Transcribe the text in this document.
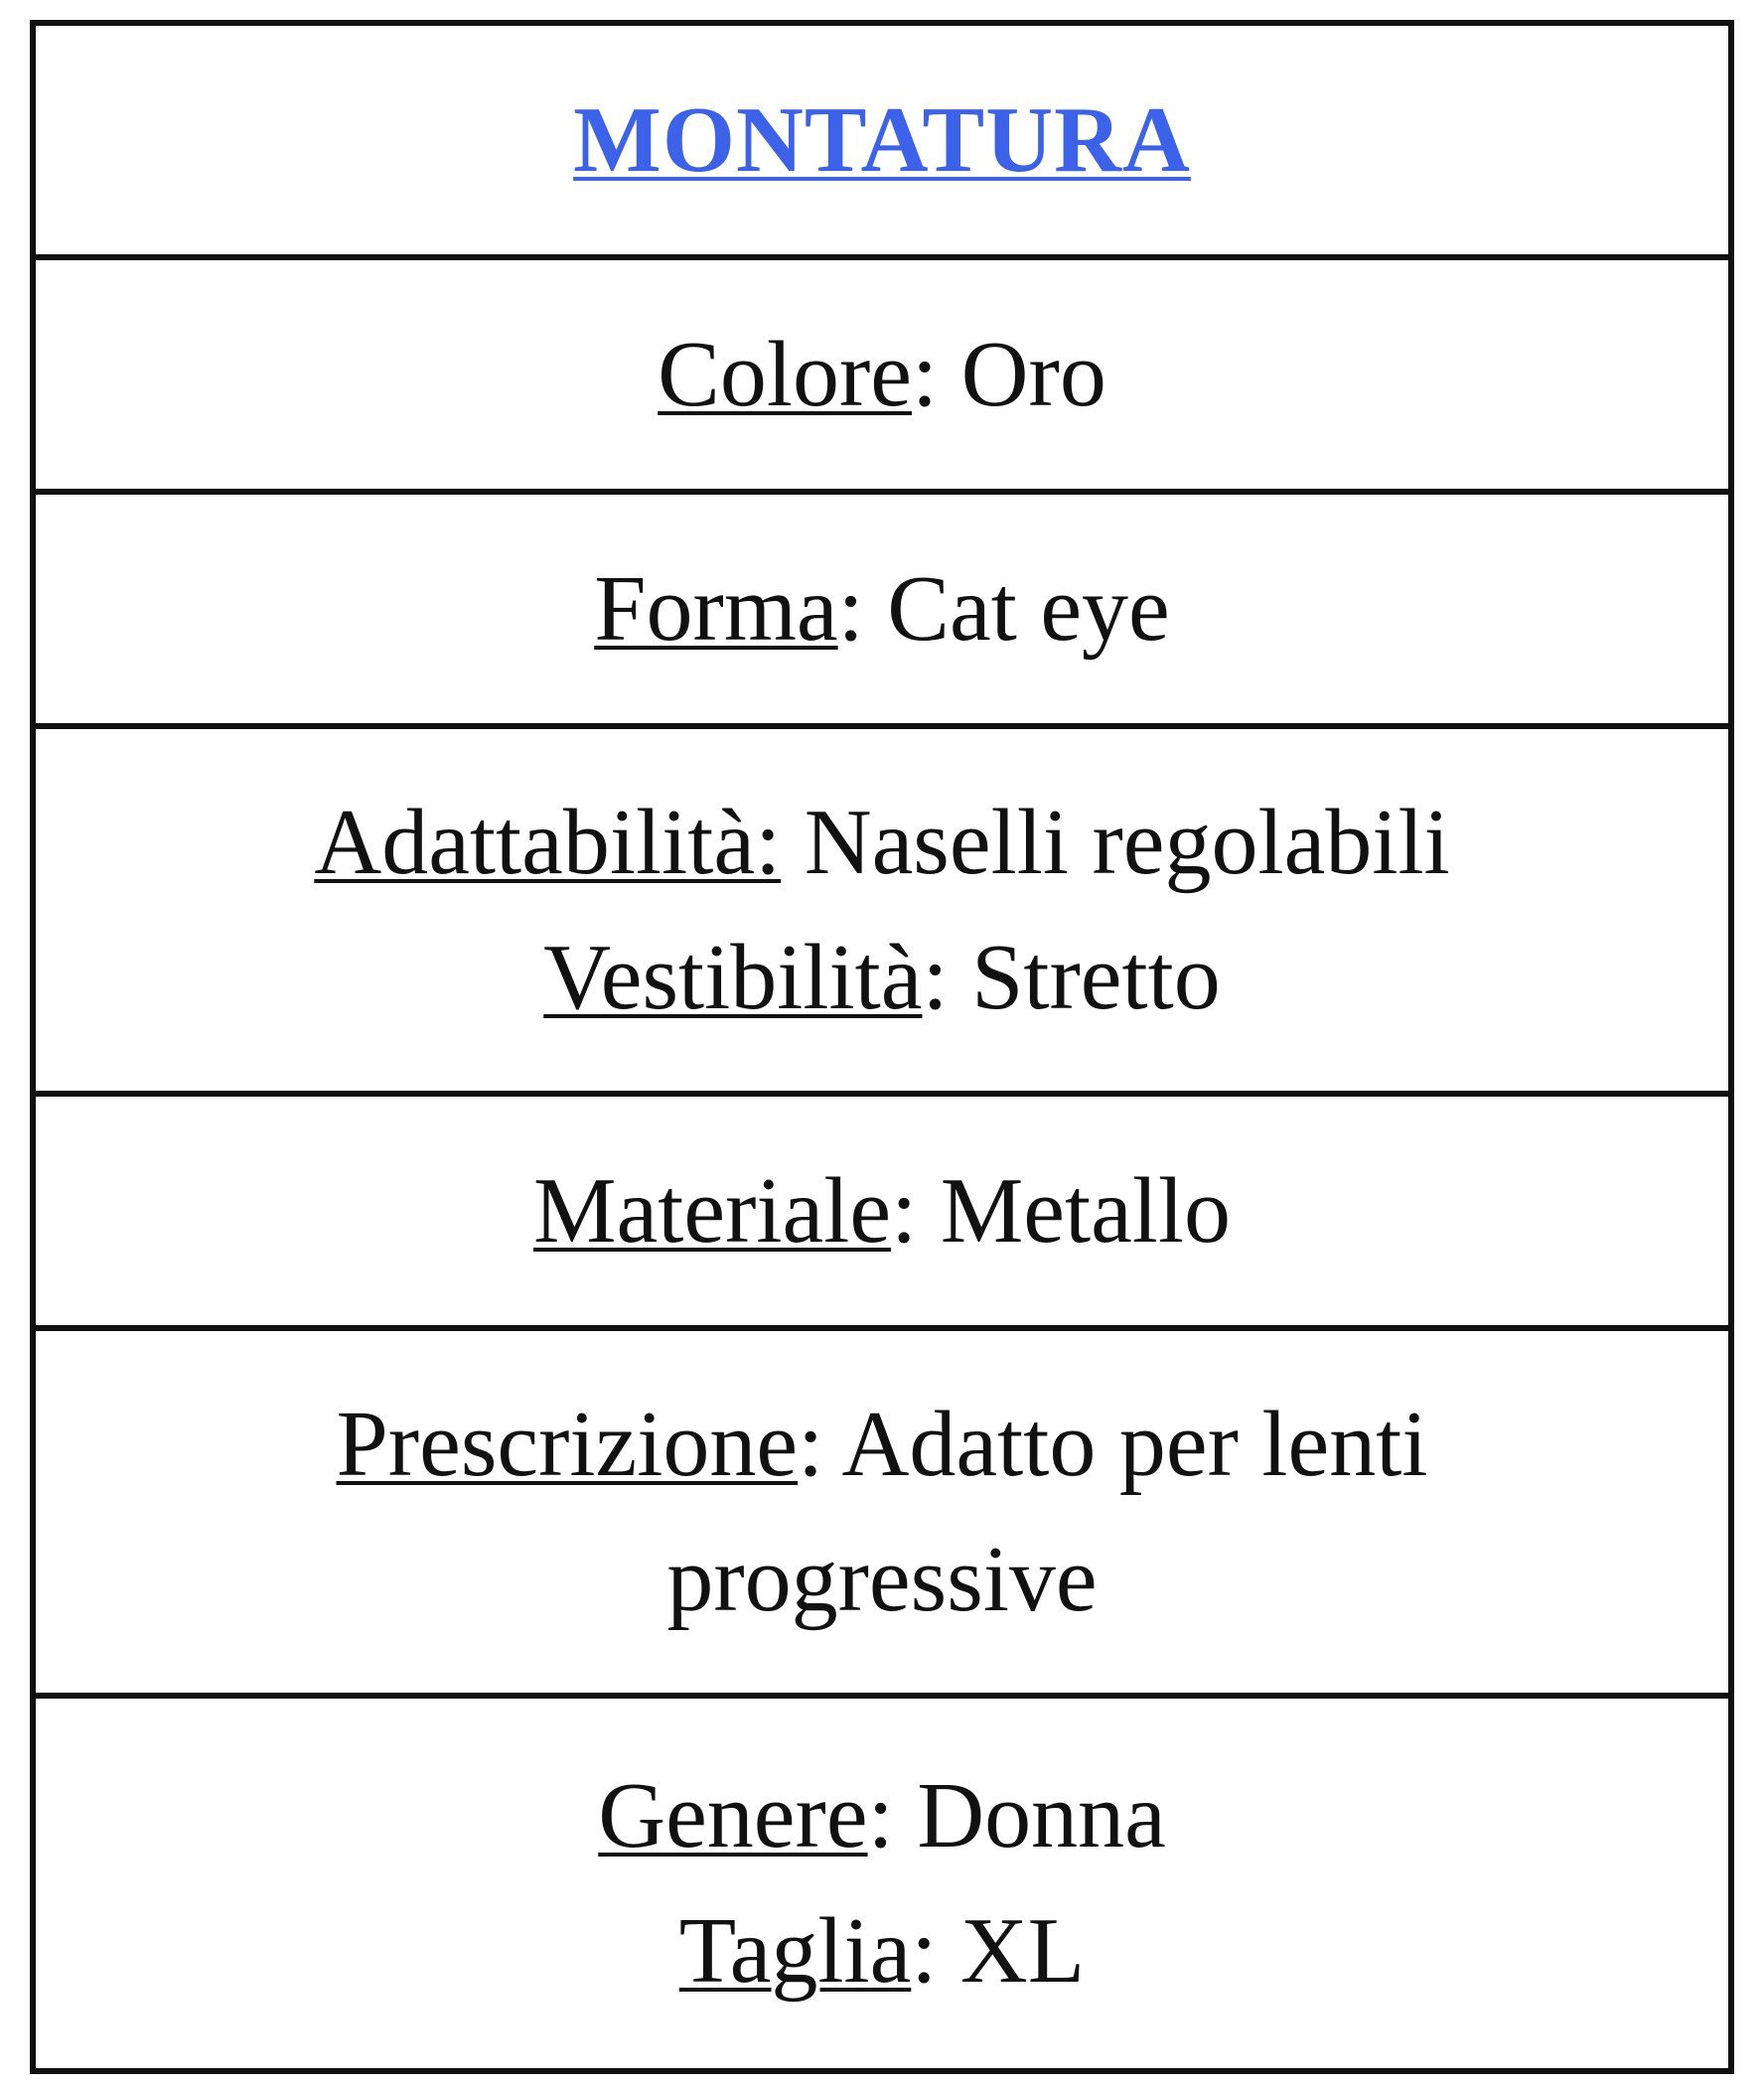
MONTATURA

Colore: Oro

Forma: Cat eye

Adattabilità: Naselli regolabili
Vestibilità: Stretto

Materiale: Metallo

Prescrizione: Adatto per lenti
progressive

Genere: Donna
Taglia: XL
